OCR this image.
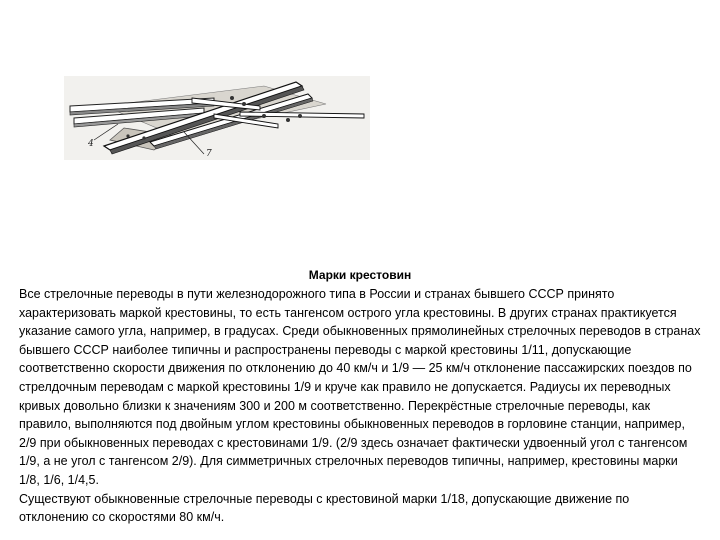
4
7
Марки крестовин

Все стрелочные переводы в пути железнодорожного типа в России и странах бывшего СССР принято характеризовать маркой крестовины, то есть тангенсом острого угла крестовины. В других странах практикуется указание самого угла, например, в градусах. Среди обыкновенных прямолинейных стрелочных переводов в странах бывшего СССР наиболее типичны и распространены переводы с маркой крестовины 1/11, допускающие соответственно скорости движения по отклонению до 40 км/ч и 1/9 — 25 км/ч отклонение пассажирских поездов по стрелдочным переводам с маркой крестовины 1/9 и круче как правило не допускается. Радиусы их переводных кривых довольно близки к значениям 300 и 200 м соответственно. Перекрёстные стрелочные переводы, как правило, выполняются под двойным углом крестовины обыкновенных переводов в горловине станции, например, 2/9 при обыкновенных переводах с крестовинами 1/9. (2/9 здесь означает фактически удвоенный угол с тангенсом 1/9, а не угол с тангенсом 2/9). Для симметричных стрелочных переводов типичны, например, крестовины марки 1/8, 1/6, 1/4,5.

Существуют обыкновенные стрелочные переводы с крестовиной марки 1/18, допускающие движение по отклонению со скоростями 80 км/ч.
